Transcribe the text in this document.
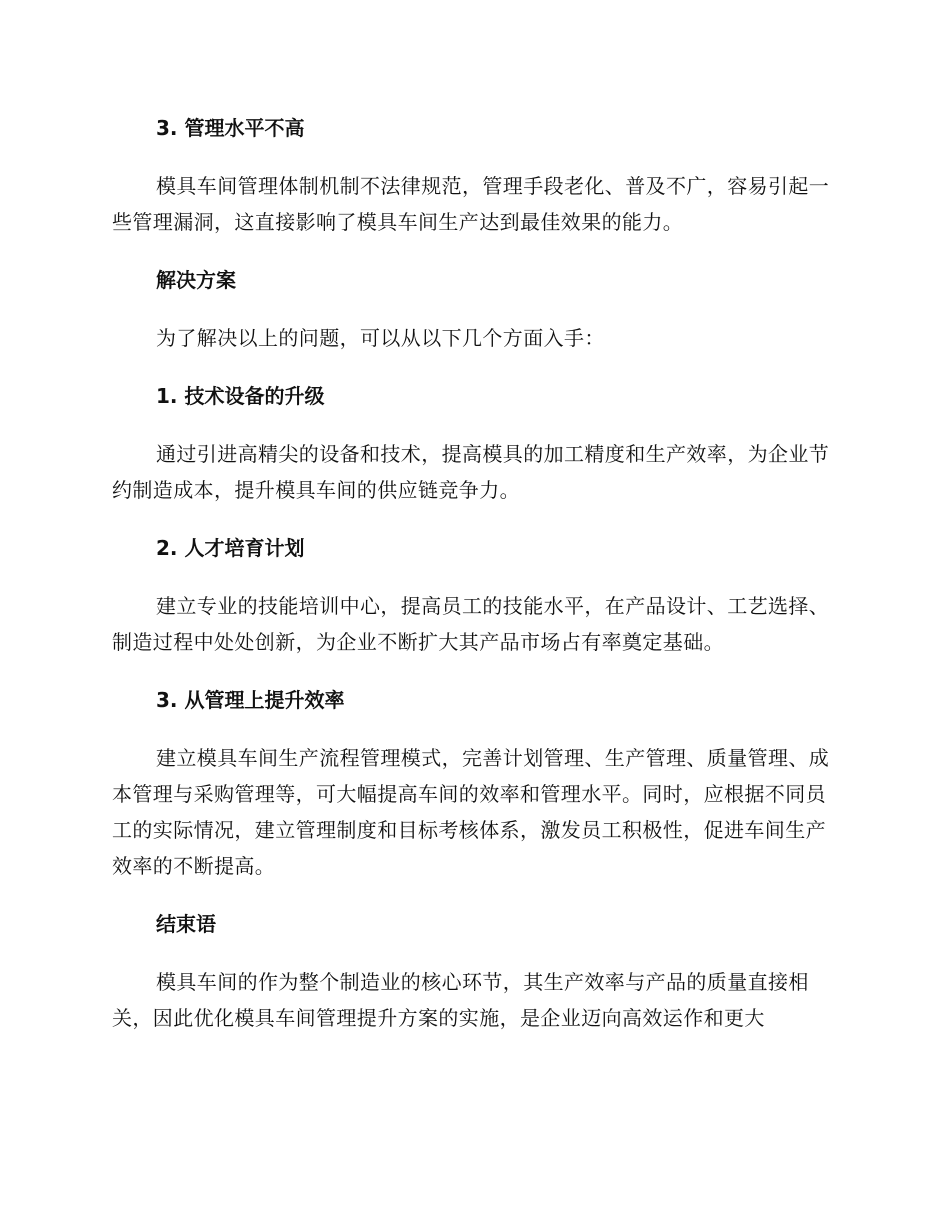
3. 管理水平不高

模具车间管理体制机制不法律规范，管理手段老化、普及不广，容易引起一些管理漏洞，这直接影响了模具车间生产达到最佳效果的能力。

解决方案

为了解决以上的问题，可以从以下几个方面入手：

1. 技术设备的升级

通过引进高精尖的设备和技术，提高模具的加工精度和生产效率，为企业节约制造成本，提升模具车间的供应链竞争力。

2. 人才培育计划

建立专业的技能培训中心，提高员工的技能水平，在产品设计、工艺选择、制造过程中处处创新，为企业不断扩大其产品市场占有率奠定基础。

3. 从管理上提升效率

建立模具车间生产流程管理模式，完善计划管理、生产管理、质量管理、成本管理与采购管理等，可大幅提高车间的效率和管理水平。同时，应根据不同员工的实际情况，建立管理制度和目标考核体系，激发员工积极性，促进车间生产效率的不断提高。

结束语

模具车间的作为整个制造业的核心环节，其生产效率与产品的质量直接相关，因此优化模具车间管理提升方案的实施，是企业迈向高效运作和更大
